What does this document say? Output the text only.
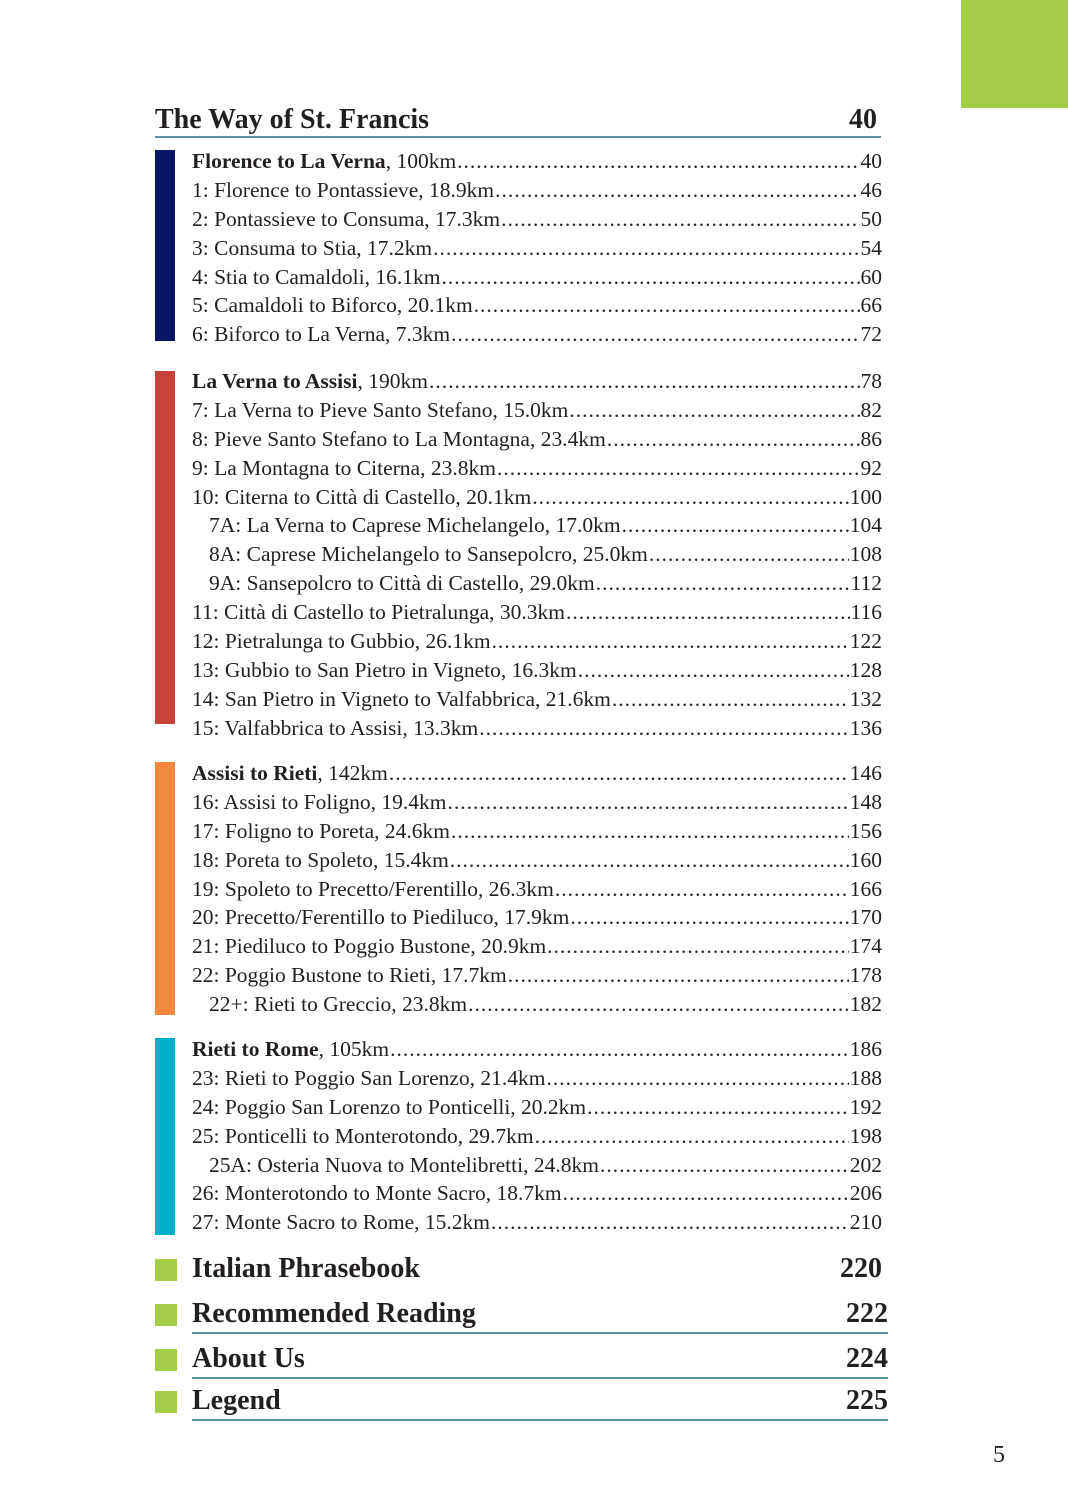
The Way of St. Francis	40
Florence to La Verna, 100km .....	40
1: Florence to Pontassieve, 18.9km .....	46
2: Pontassieve to Consuma, 17.3km .....	50
3: Consuma to Stia, 17.2km .....	54
4: Stia to Camaldoli, 16.1km .....	60
5: Camaldoli to Biforco, 20.1km .....	66
6: Biforco to La Verna, 7.3km .....	72
La Verna to Assisi, 190km .....	78
7: La Verna to Pieve Santo Stefano, 15.0km .....	82
8: Pieve Santo Stefano to La Montagna, 23.4km .....	86
9: La Montagna to Citerna, 23.8km .....	92
10: Citerna to Città di Castello, 20.1km .....	100
7A: La Verna to Caprese Michelangelo, 17.0km .....	104
8A: Caprese Michelangelo to Sansepolcro, 25.0km .....	108
9A: Sansepolcro to Città di Castello, 29.0km .....	112
11: Città di Castello to Pietralunga, 30.3km .....	116
12: Pietralunga to Gubbio, 26.1km .....	122
13: Gubbio to San Pietro in Vigneto, 16.3km .....	128
14: San Pietro in Vigneto to Valfabbrica, 21.6km .....	132
15: Valfabbrica to Assisi, 13.3km .....	136
Assisi to Rieti, 142km .....	146
16: Assisi to Foligno, 19.4km .....	148
17: Foligno to Poreta, 24.6km .....	156
18: Poreta to Spoleto, 15.4km .....	160
19: Spoleto to Precetto/Ferentillo, 26.3km .....	166
20: Precetto/Ferentillo to Piediluco, 17.9km .....	170
21: Piediluco to Poggio Bustone, 20.9km .....	174
22: Poggio Bustone to Rieti, 17.7km .....	178
22+: Rieti to Greccio, 23.8km .....	182
Rieti to Rome, 105km .....	186
23: Rieti to Poggio San Lorenzo, 21.4km .....	188
24: Poggio San Lorenzo to Ponticelli, 20.2km .....	192
25: Ponticelli to Monterotondo, 29.7km .....	198
25A: Osteria Nuova to Montelibretti, 24.8km .....	202
26: Monterotondo to Monte Sacro, 18.7km .....	206
27: Monte Sacro to Rome, 15.2km .....	210
Italian Phrasebook	220
Recommended Reading	222
About Us	224
Legend	225
5
